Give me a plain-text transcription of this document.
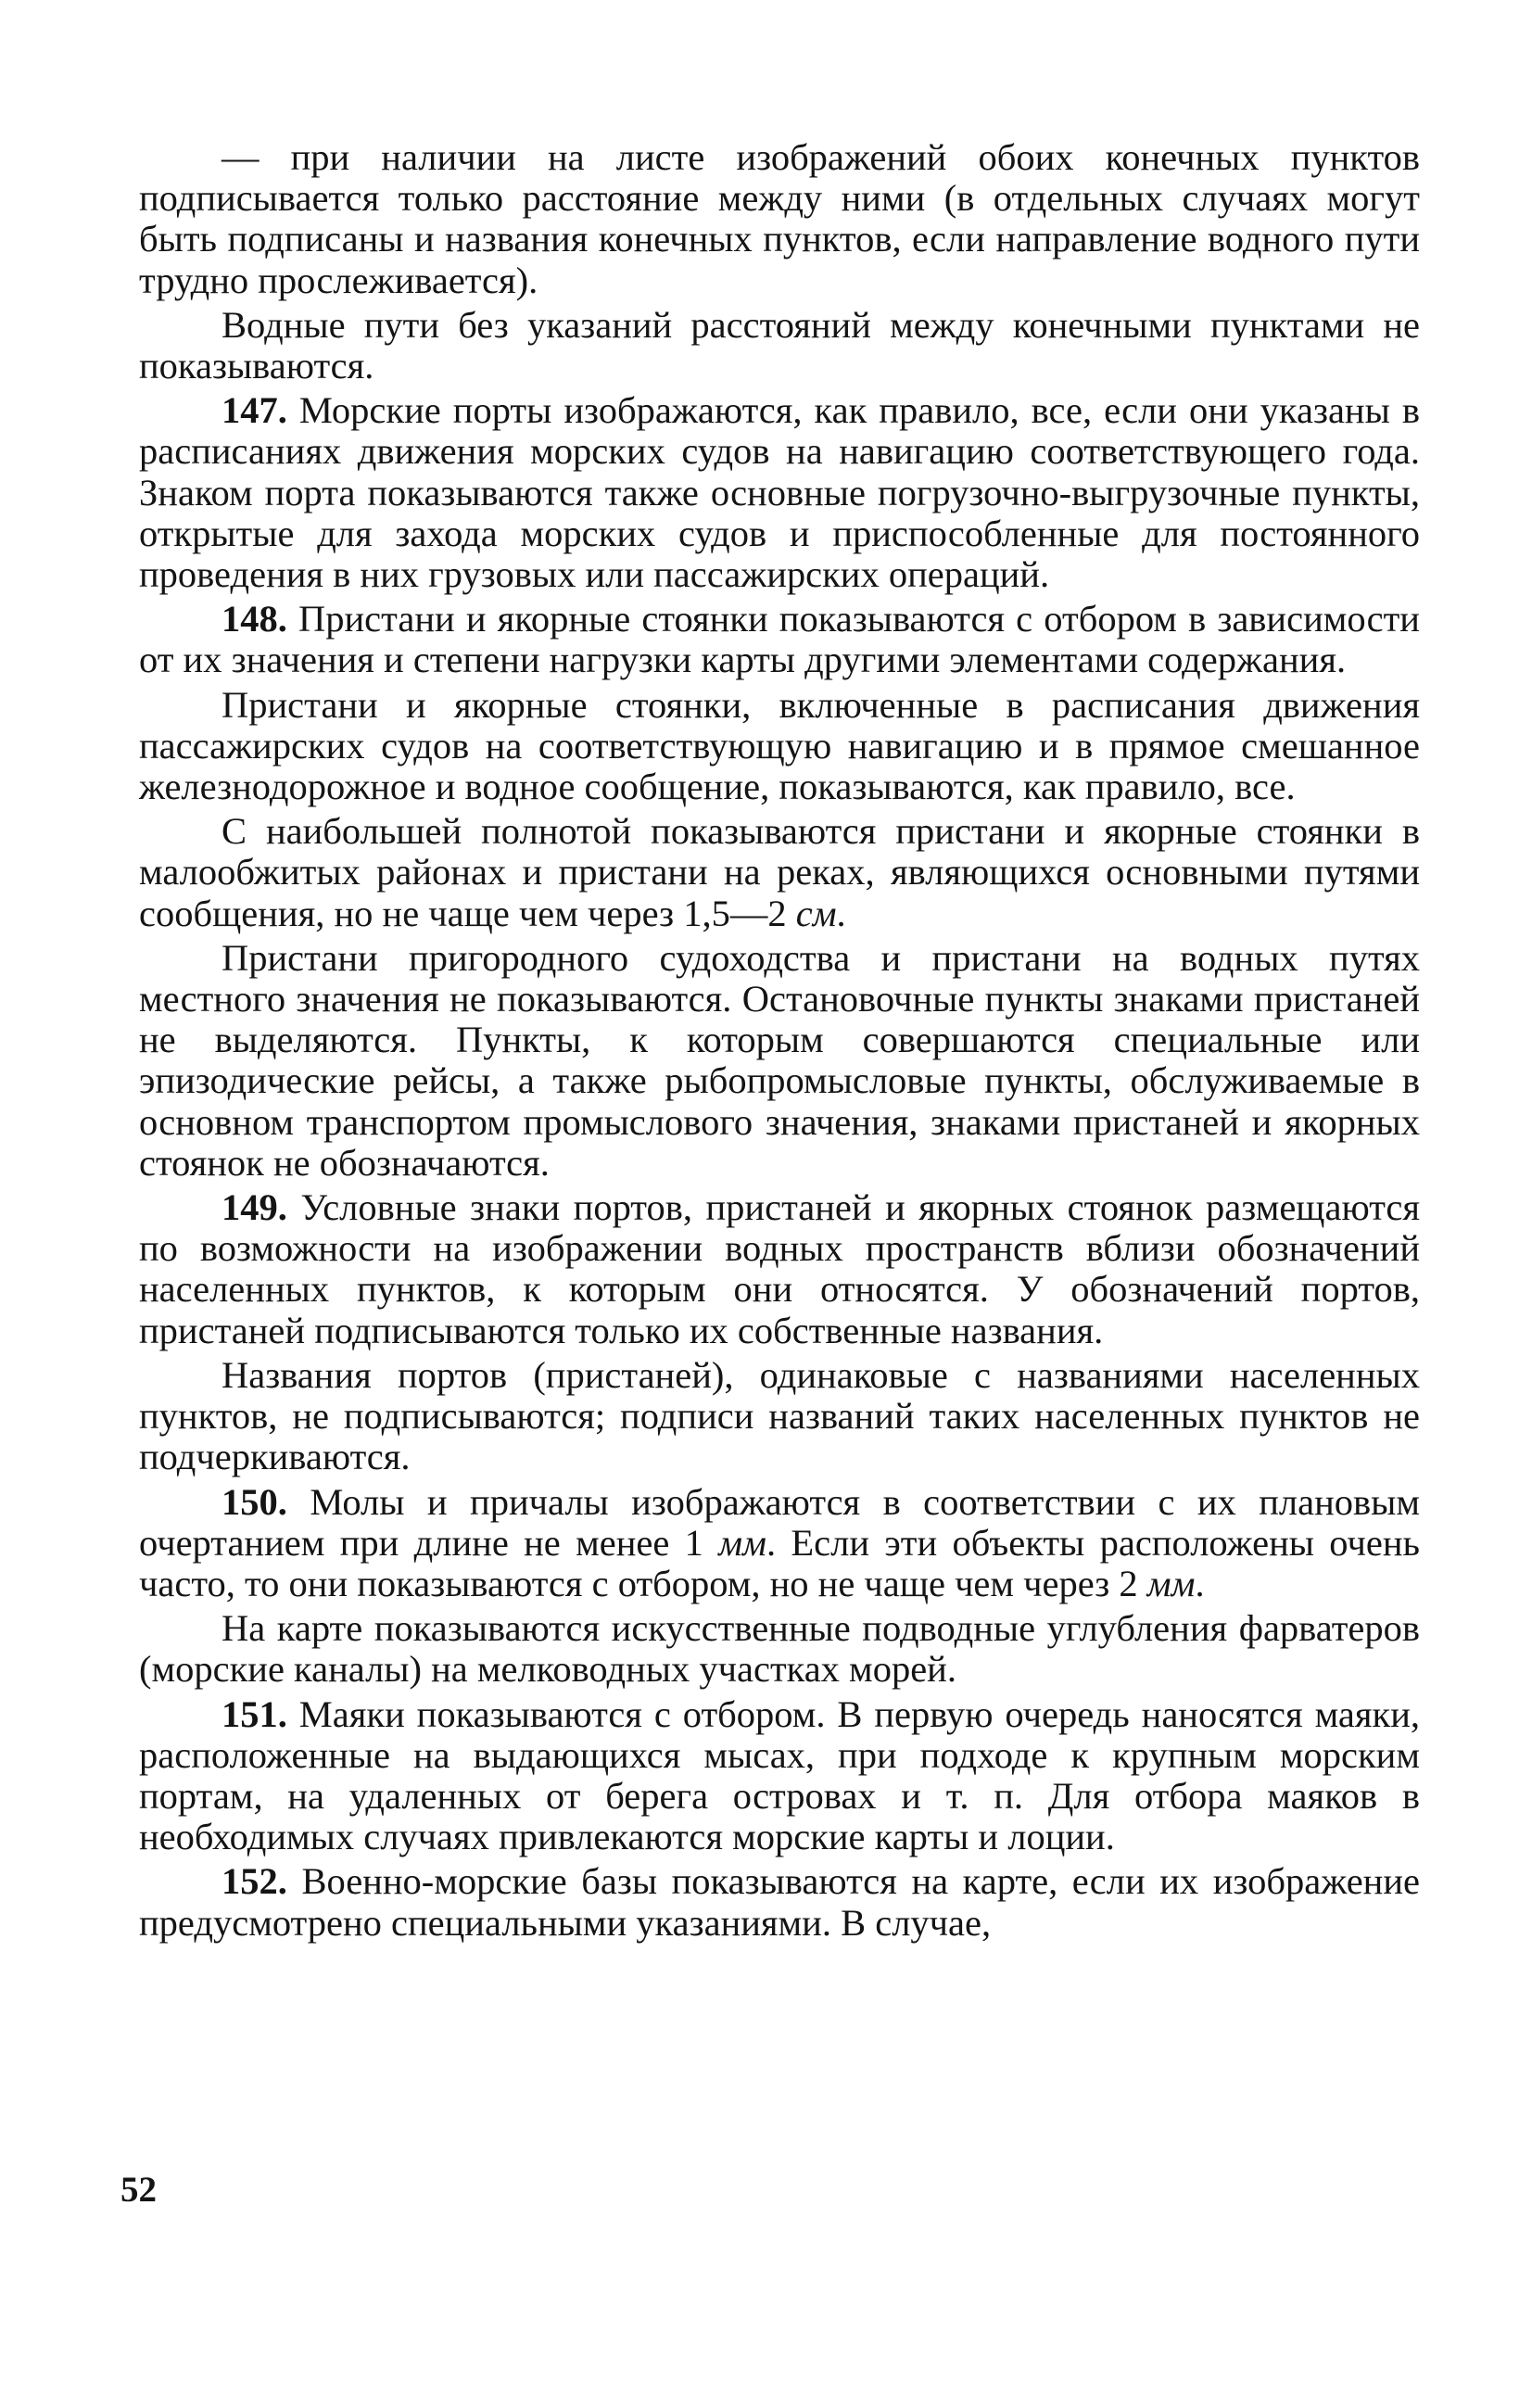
— при наличии на листе изображений обоих конечных пунктов подписывается только расстояние между ними (в отдельных случаях могут быть подписаны и названия конечных пунктов, если направление водного пути трудно прослеживается).

Водные пути без указаний расстояний между конечными пунктами не показываются.

147. Морские порты изображаются, как правило, все, если они указаны в расписаниях движения морских судов на навигацию соответствующего года. Знаком порта показываются также основные погрузочно-выгрузочные пункты, открытые для захода морских судов и приспособленные для постоянного проведения в них грузовых или пассажирских операций.

148. Пристани и якорные стоянки показываются с отбором в зависимости от их значения и степени нагрузки карты другими элементами содержания.

Пристани и якорные стоянки, включенные в расписания движения пассажирских судов на соответствующую навигацию и в прямое смешанное железнодорожное и водное сообщение, показываются, как правило, все.

С наибольшей полнотой показываются пристани и якорные стоянки в малообжитых районах и пристани на реках, являющихся основными путями сообщения, но не чаще чем через 1,5—2 см.

Пристани пригородного судоходства и пристани на водных путях местного значения не показываются. Остановочные пункты знаками пристаней не выделяются. Пункты, к которым совершаются специальные или эпизодические рейсы, а также рыбопромысловые пункты, обслуживаемые в основном транспортом промыслового значения, знаками пристаней и якорных стоянок не обозначаются.

149. Условные знаки портов, пристаней и якорных стоянок размещаются по возможности на изображении водных пространств вблизи обозначений населенных пунктов, к которым они относятся. У обозначений портов, пристаней подписываются только их собственные названия.

Названия портов (пристаней), одинаковые с названиями населенных пунктов, не подписываются; подписи названий таких населенных пунктов не подчеркиваются.

150. Молы и причалы изображаются в соответствии с их плановым очертанием при длине не менее 1 мм. Если эти объекты расположены очень часто, то они показываются с отбором, но не чаще чем через 2 мм.

На карте показываются искусственные подводные углубления фарватеров (морские каналы) на мелководных участках морей.

151. Маяки показываются с отбором. В первую очередь наносятся маяки, расположенные на выдающихся мысах, при подходе к крупным морским портам, на удаленных от берега островах и т. п. Для отбора маяков в необходимых случаях привлекаются морские карты и лоции.

152. Военно-морские базы показываются на карте, если их изображение предусмотрено специальными указаниями. В случае,

52
